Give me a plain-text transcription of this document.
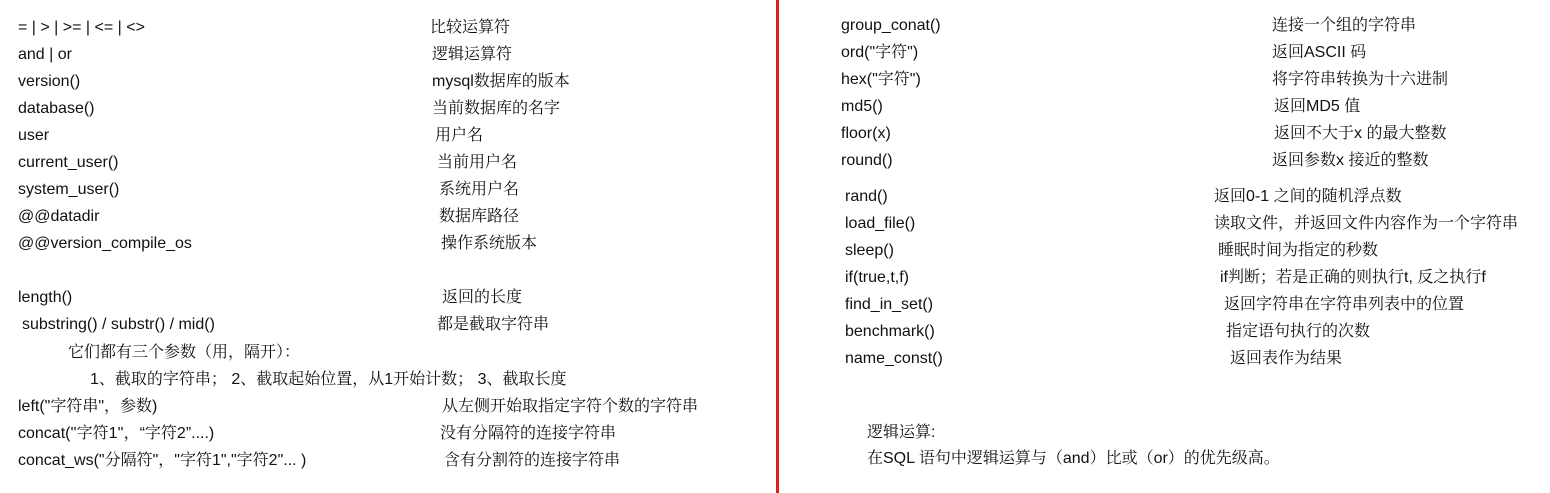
= | > | >= | <= | <>	比较运算符
and | or	逻辑运算符
version()	mysql数据库的版本
database()	当前数据库的名字
user	用户名
current_user()	当前用户名
system_user()	系统用户名
@@datadir	数据库路径
@@version_compile_os	操作系统版本
length()	返回的长度
substring() / substr() / mid()	都是截取字符串
它们都有三个参数（用，隔开）：
1、截取的字符串； 2、截取起始位置，从1开始计数； 3、截取长度
left("字符串"，参数)	从左侧开始取指定字符个数的字符串
concat(''字符1''，“字符2”....)	没有分隔符的连接字符串
concat_ws("分隔符"，"字符1","字符2"... )	含有分割符的连接字符串
group_conat()	连接一个组的字符串
ord("字符")	返回ASCII 码
hex("字符")	将字符串转换为十六进制
md5()	返回MD5 值
floor(x)	返回不大于x 的最大整数
round()	返回参数x 接近的整数
rand()	返回0-1 之间的随机浮点数
load_file()	读取文件，并返回文件内容作为一个字符串
sleep()	睡眠时间为指定的秒数
if(true,t,f)	if判断；若是正确的则执行t, 反之执行f
find_in_set()	返回字符串在字符串列表中的位置
benchmark()	指定语句执行的次数
name_const()	返回表作为结果
逻辑运算:
在SQL 语句中逻辑运算与（and）比或（or）的优先级高。
